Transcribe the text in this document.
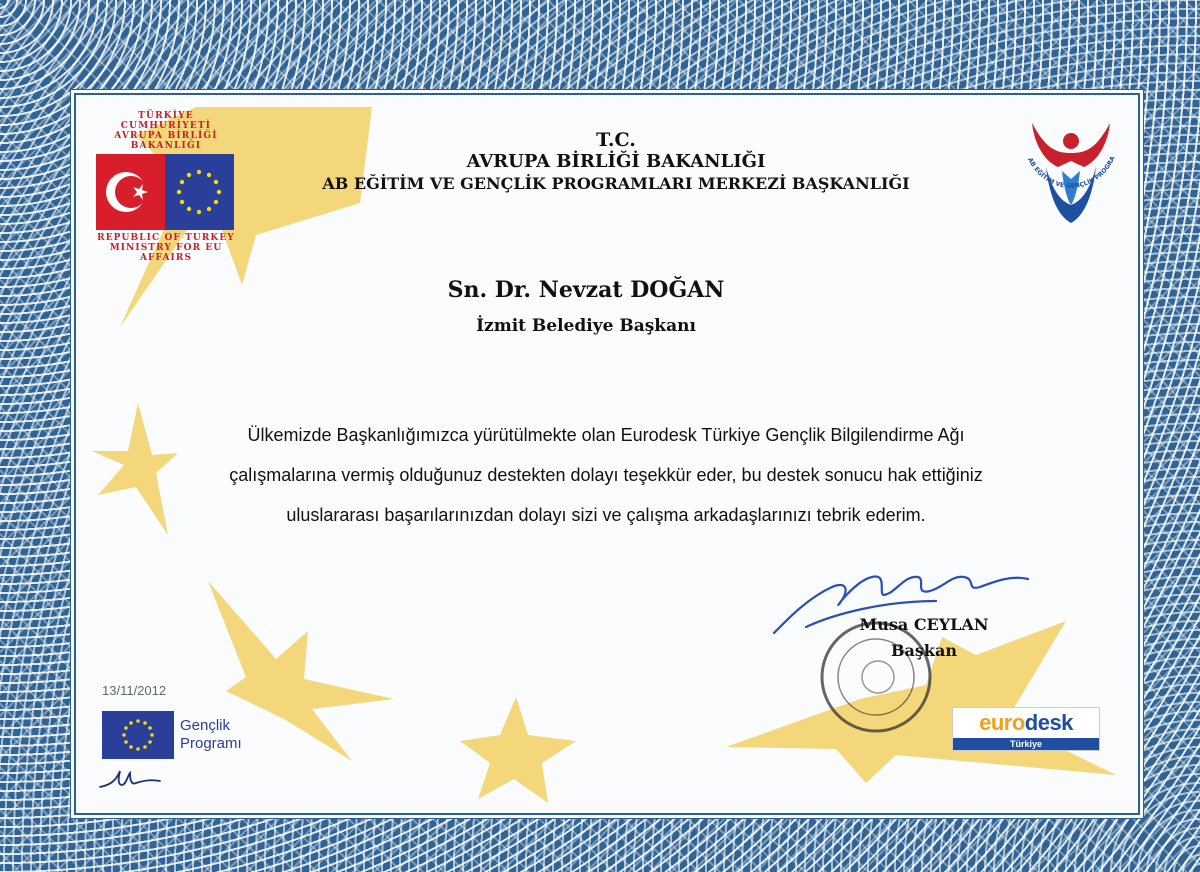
TÜRKİYE CUMHURİYETİ
AVRUPA BİRLİĞİ BAKANLIĞI
REPUBLIC OF TURKEY
MINISTRY FOR EU AFFAIRS
T.C.
AVRUPA BİRLİĞİ BAKANLIĞI
AB EĞİTİM VE GENÇLİK PROGRAMLARI MERKEZİ BAŞKANLIĞI
AB EĞİTİM VE GENÇLİK PROGRA
Sn. Dr. Nevzat DOĞAN
İzmit Belediye Başkanı
Ülkemizde Başkanlığımızca yürütülmekte olan Eurodesk Türkiye Gençlik Bilgilendirme Ağı
çalışmalarına vermiş olduğunuz destekten dolayı teşekkür eder, bu destek sonucu hak ettiğiniz
uluslararası başarılarınızdan dolayı sizi ve çalışma arkadaşlarınızı tebrik ederim.
Musa CEYLAN
Başkan
13/11/2012
Gençlik
Programı
euro desk
Türkiye
